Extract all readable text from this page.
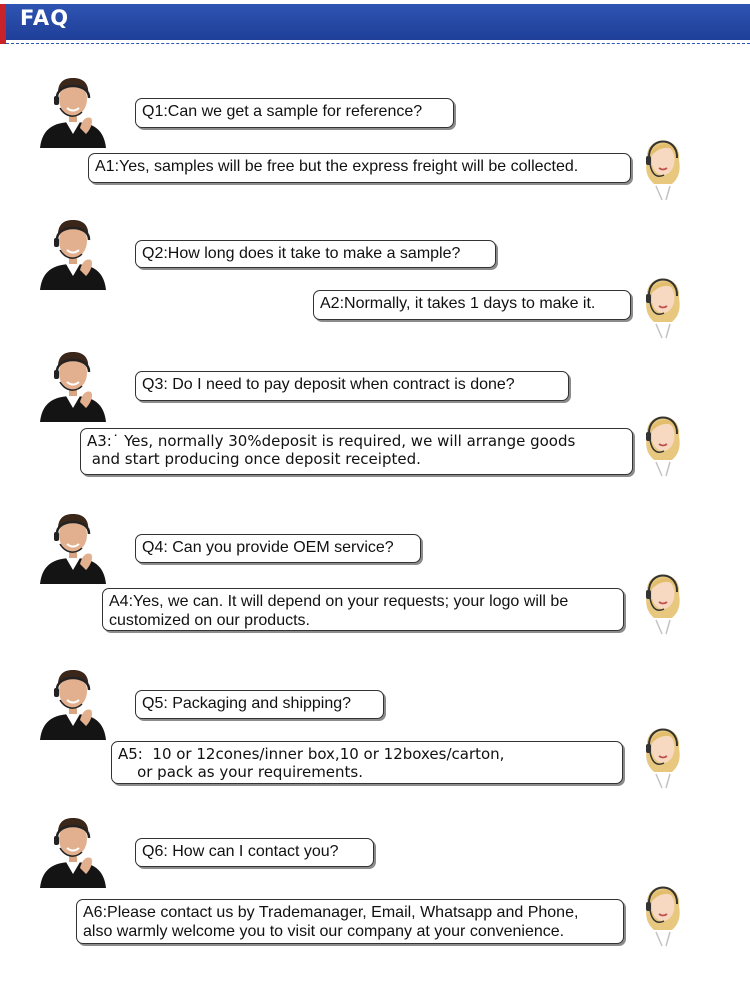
FAQ
Q1:Can we get a sample for reference?
A1:Yes, samples will be free but the express freight will be collected.
Q2:How long does it take to make a sample?
A2:Normally, it takes 1 days to make it.
Q3: Do I need to pay deposit when contract is done?
A3:˙ Yes, normally 30%deposit is required, we will arrange goods
and start producing once deposit receipted.
Q4: Can you provide OEM service?
A4:Yes, we can. It will depend on your requests; your logo will be
customized on our products.
Q5: Packaging and shipping?
A5:  10 or 12cones/inner box,10 or 12boxes/carton,
or pack as your requirements.
Q6: How can I contact you?
A6:Please contact us by Trademanager, Email, Whatsapp and Phone,
also warmly welcome you to visit our company at your convenience.
